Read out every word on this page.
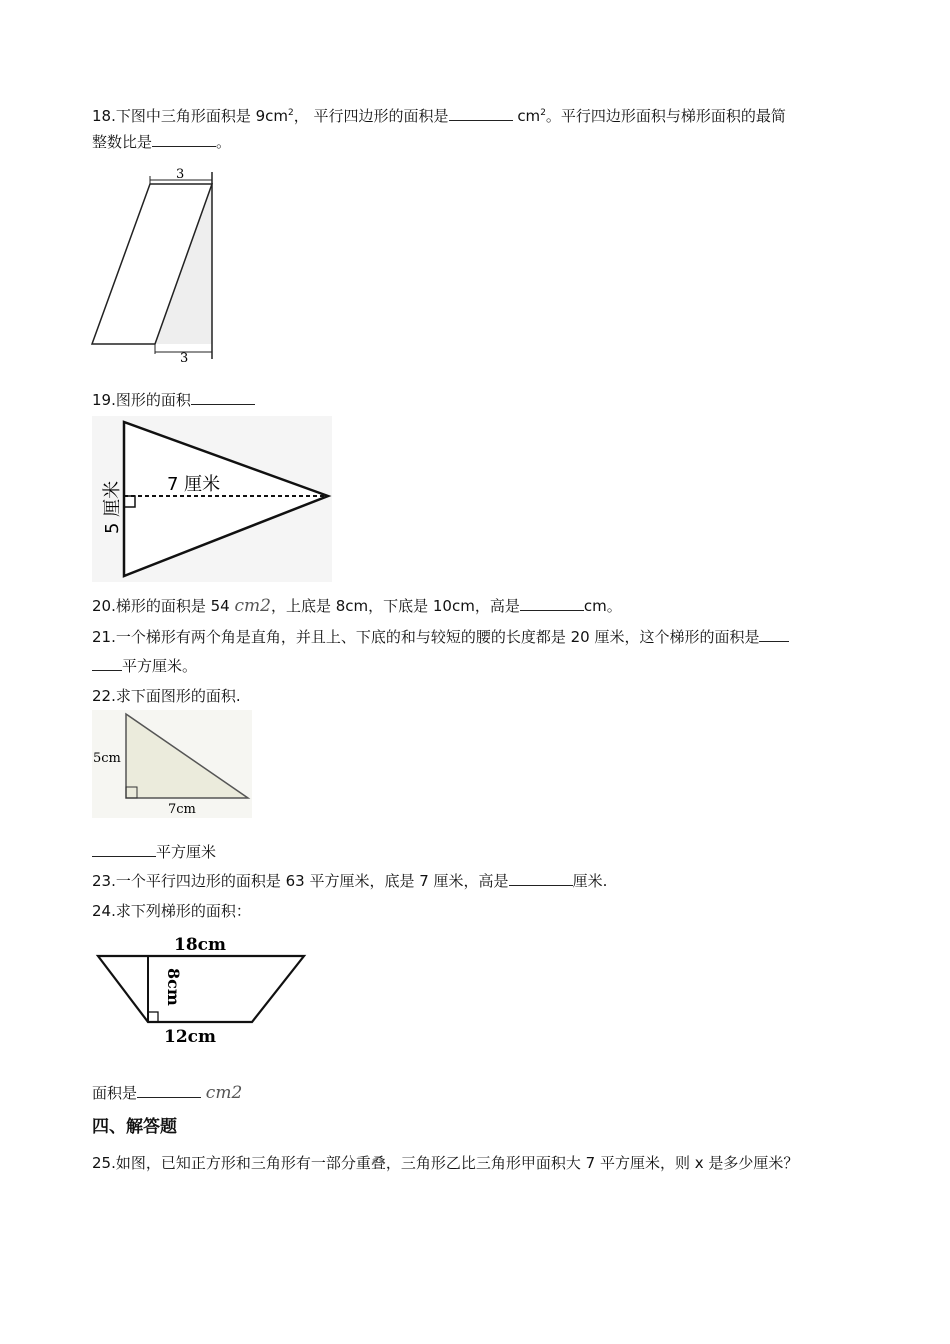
18.下图中三角形面积是 $9cm^2$， 平行四边形的面积是	$cm^2$。平行四边形面积与梯形面积的最简
整数比是	。
3
3
19.图形的面积
7 厘米
5 厘米
20.梯形的面积是 54 cm2，上底是 8cm，下底是 10cm，高是	cm。
21.一个梯形有两个角是直角，并且上、下底的和与较短的腰的长度都是 20 厘米，这个梯形的面积是
平方厘米。
22.求下面图形的面积.
5cm
7cm
平方厘米
23.一个平行四边形的面积是 63 平方厘米，底是 7 厘米，高是	厘米.
24.求下列梯形的面积：
18cm
8cm
12cm
面积是	cm2
四、解答题
25.如图，已知正方形和三角形有一部分重叠，三角形乙比三角形甲面积大 7 平方厘米，则 x 是多少厘米？
